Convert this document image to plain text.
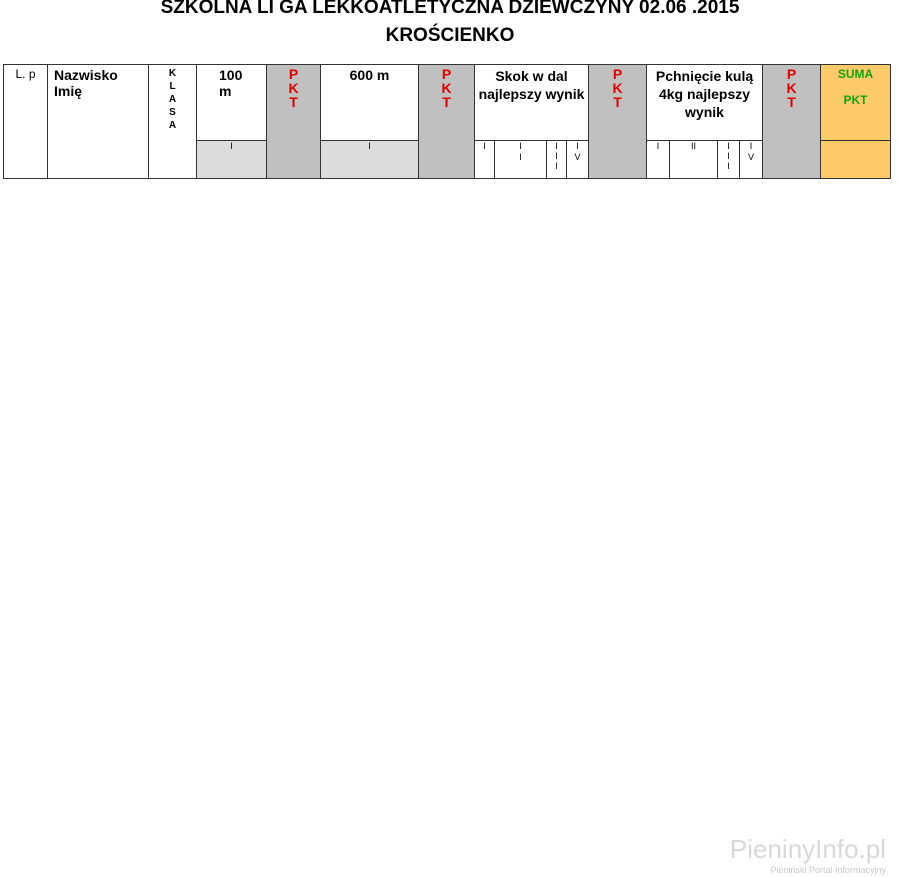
SZKOLNA LI GA LEKKOATLETYCZNA DZIEWCZYNY 02.06 .2015
KROŚCIENKO
L. p	Nazwisko Imię	K L A S A	100 m	P K T	600 m	P K T	Skok w dal najlepszy wynik				P K T	Pchnięcie kulą 4kg najlepszy wynik				P K T	SUMA
PKT

			I		I		I	I I	I I I	I V		I	II	I I I	I V		

PieninyInfo.pl
Pieniński Portal Informacyjny
